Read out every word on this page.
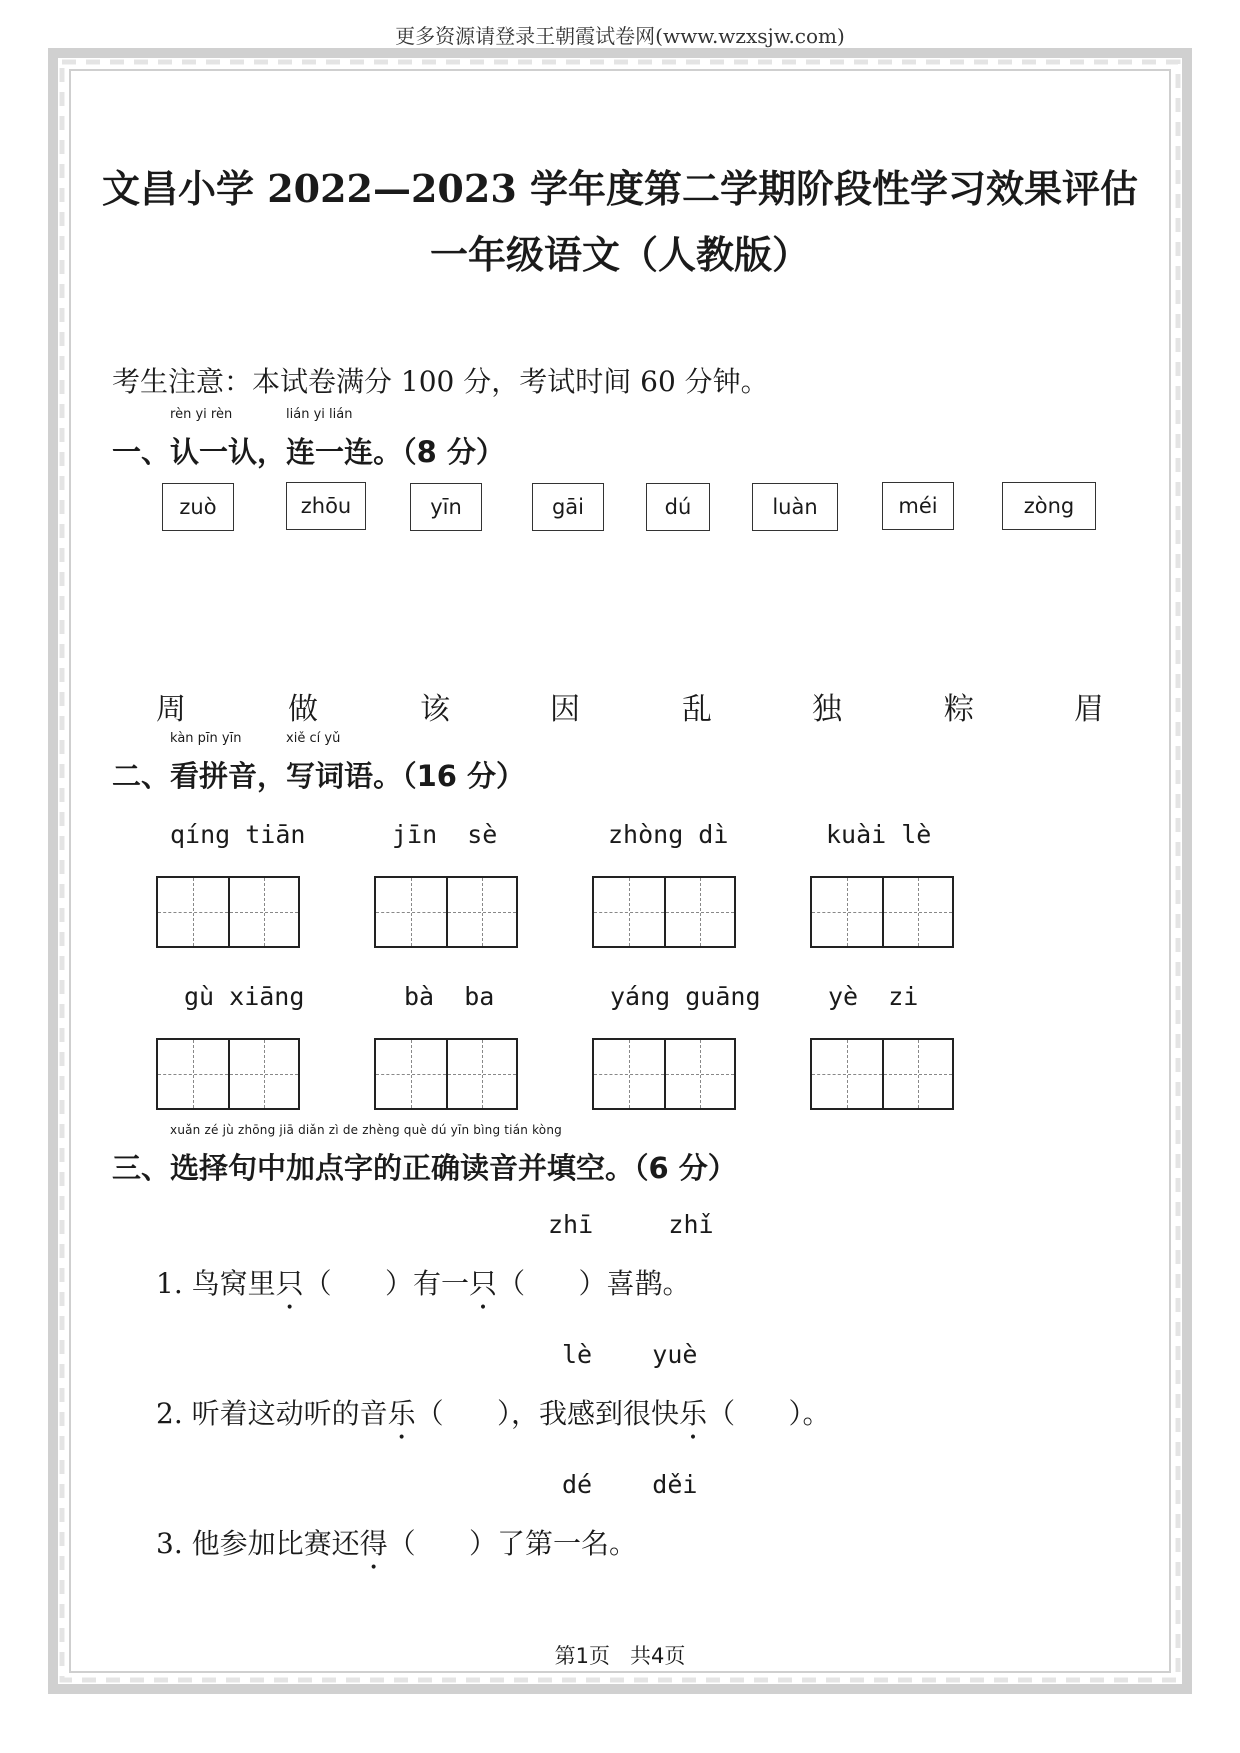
更多资源请登录王朝霞试卷网(www.wzxsjw.com)
文昌小学 2022—2023 学年度第二学期阶段性学习效果评估
一年级语文（人教版）
考生注意：本试卷满分 100 分，考试时间 60 分钟。
一、
rèn yi rèn
认一认，
lián yi lián
连一连。（8 分）
zuò	zhōu	yīn	gāi	dú	luàn	méi	zòng
周	做	该	因	乱	独	粽	眉
二、
kàn pīn yīn
看拼音，
xiě cí yǔ
写词语。（16 分）
qíng tiān	jīn  sè	zhòng dì	kuài lè
gù xiāng	bà  ba	yáng guāng	yè  zi
三、
xuǎn zé jù zhōng jiā diǎn zì de zhèng què dú yīn bìng tián kòng
选择句中加点字的正确读音并填空。（6 分）
zhī     zhǐ
1. 鸟窝里只（      ）有一只（      ）喜鹊。
lè    yuè
2. 听着这动听的音乐（      ），我感到很快乐（      ）。
dé    děi
3. 他参加比赛还得（      ）了第一名。
第1页   共4页
